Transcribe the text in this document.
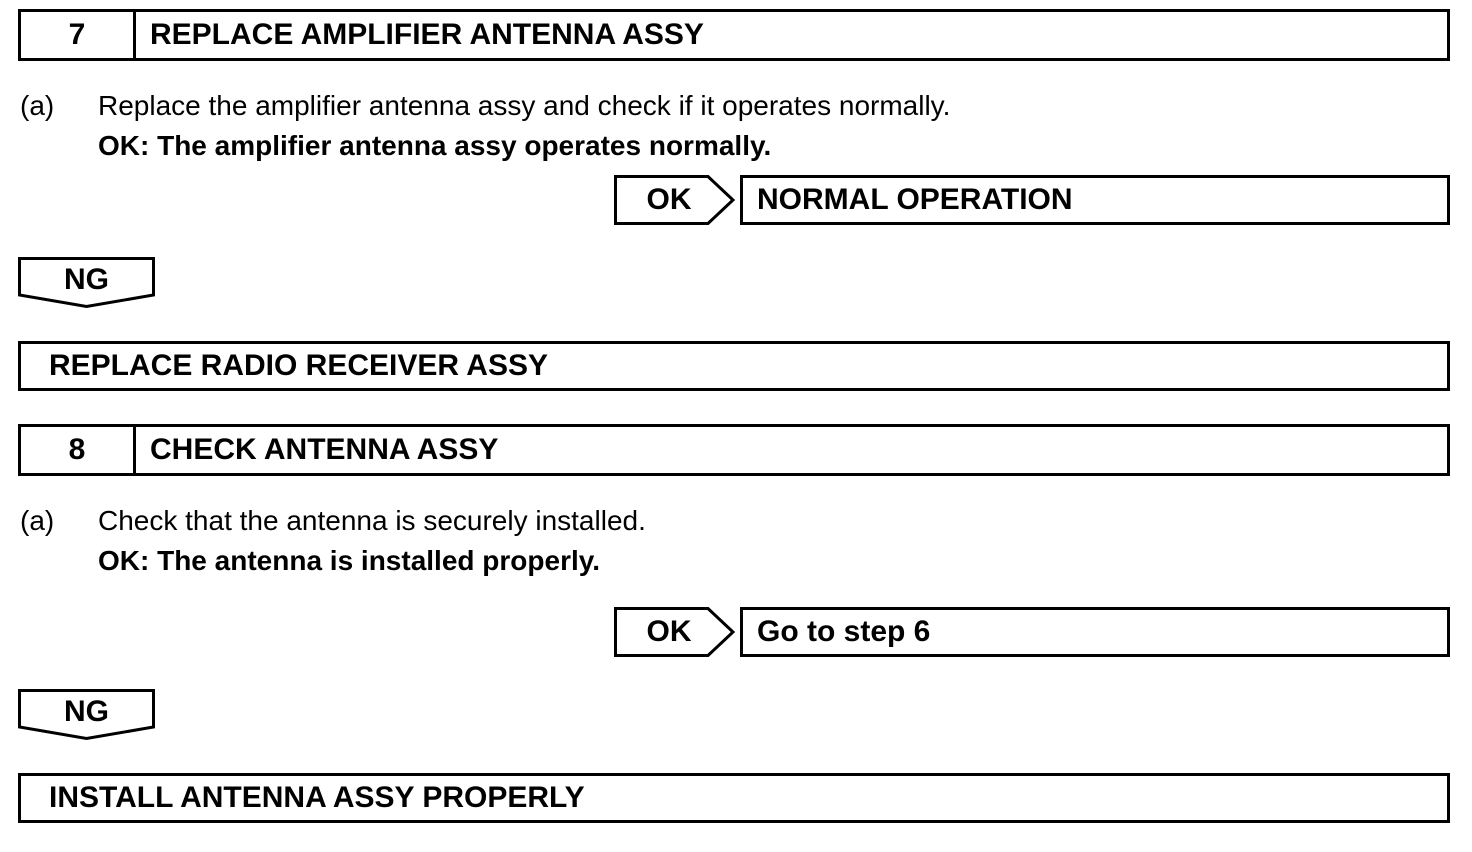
7	REPLACE AMPLIFIER ANTENNA ASSY
(a) Replace the amplifier antenna assy and check if it operates normally.
OK: The amplifier antenna assy operates normally.
OK	NORMAL OPERATION
NG
REPLACE RADIO RECEIVER ASSY
8	CHECK ANTENNA ASSY
(a) Check that the antenna is securely installed.
OK: The antenna is installed properly.
OK	Go to step 6
NG
INSTALL ANTENNA ASSY PROPERLY
